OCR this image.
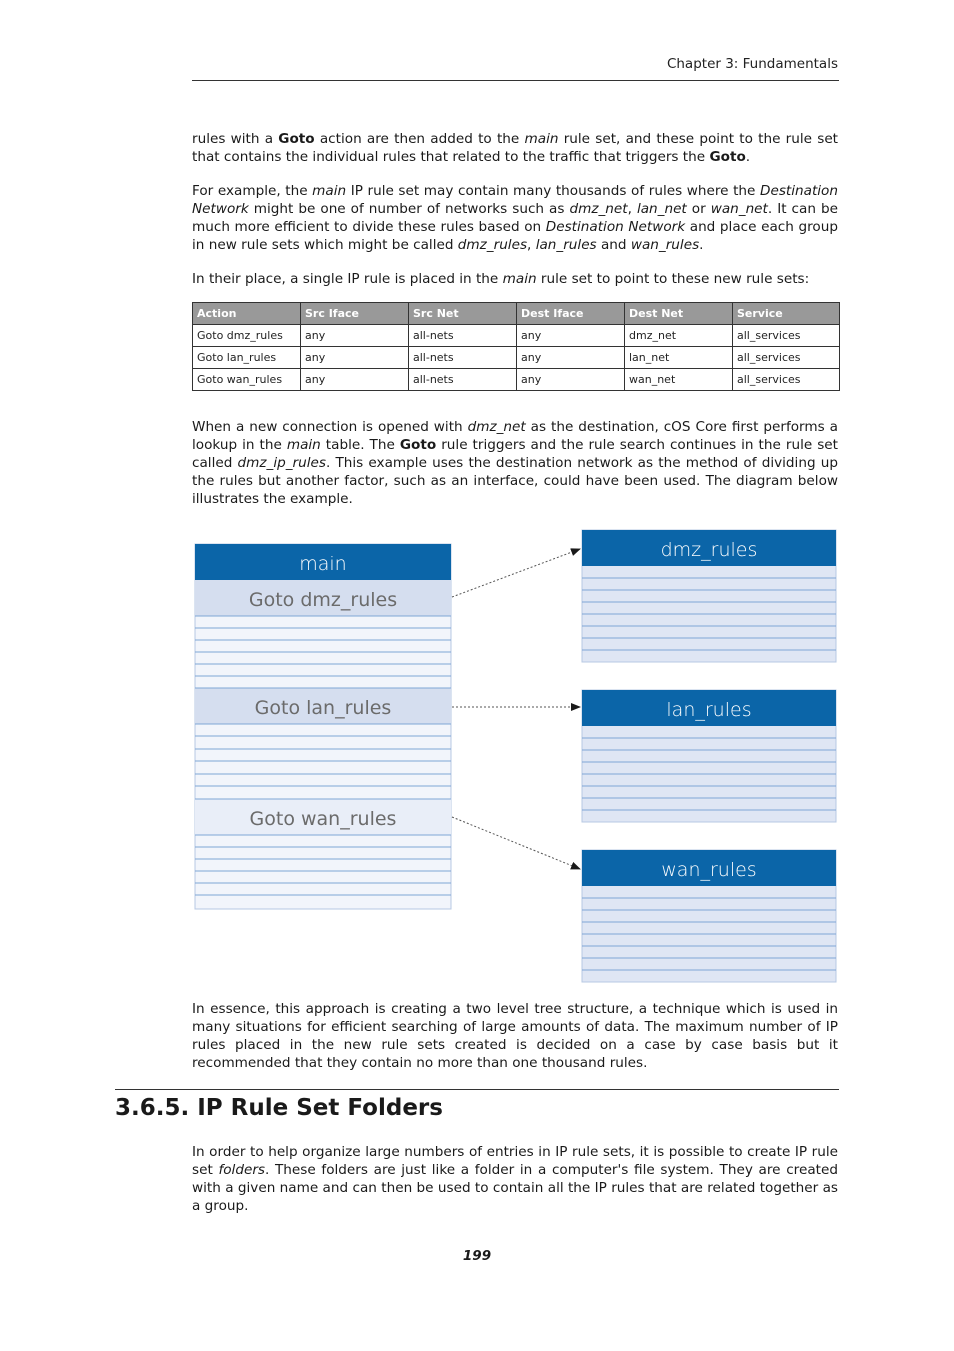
Chapter 3: Fundamentals
rules with a Goto action are then added to the main rule set, and these point to the rule set that contains the individual rules that related to the traffic that triggers the Goto.
For example, the main IP rule set may contain many thousands of rules where the Destination Network might be one of number of networks such as dmz_net, lan_net or wan_net. It can be much more efficient to divide these rules based on Destination Network and place each group in new rule sets which might be called dmz_rules, lan_rules and wan_rules.
In their place, a single IP rule is placed in the main rule set to point to these new rule sets:
Action	Src Iface	Src Net	Dest Iface	Dest Net	Service
Goto dmz_rules	any	all-nets	any	dmz_net	all_services
Goto lan_rules	any	all-nets	any	lan_net	all_services
Goto wan_rules	any	all-nets	any	wan_net	all_services
When a new connection is opened with dmz_net as the destination, cOS Core first performs a lookup in the main table. The Goto rule triggers and the rule search continues in the rule set called dmz_ip_rules. This example uses the destination network as the method of dividing up the rules but another factor, such as an interface, could have been used. The diagram below illustrates the example.
main
Goto dmz_rules
Goto lan_rules
Goto wan_rules
dmz_rules
lan_rules
wan_rules
In essence, this approach is creating a two level tree structure, a technique which is used in many situations for efficient searching of large amounts of data. The maximum number of IP rules placed in the new rule sets created is decided on a case by case basis but it recommended that they contain no more than one thousand rules.
3.6.5. IP Rule Set Folders
In order to help organize large numbers of entries in IP rule sets, it is possible to create IP rule set folders. These folders are just like a folder in a computer's file system. They are created with a given name and can then be used to contain all the IP rules that are related together as a group.
199
